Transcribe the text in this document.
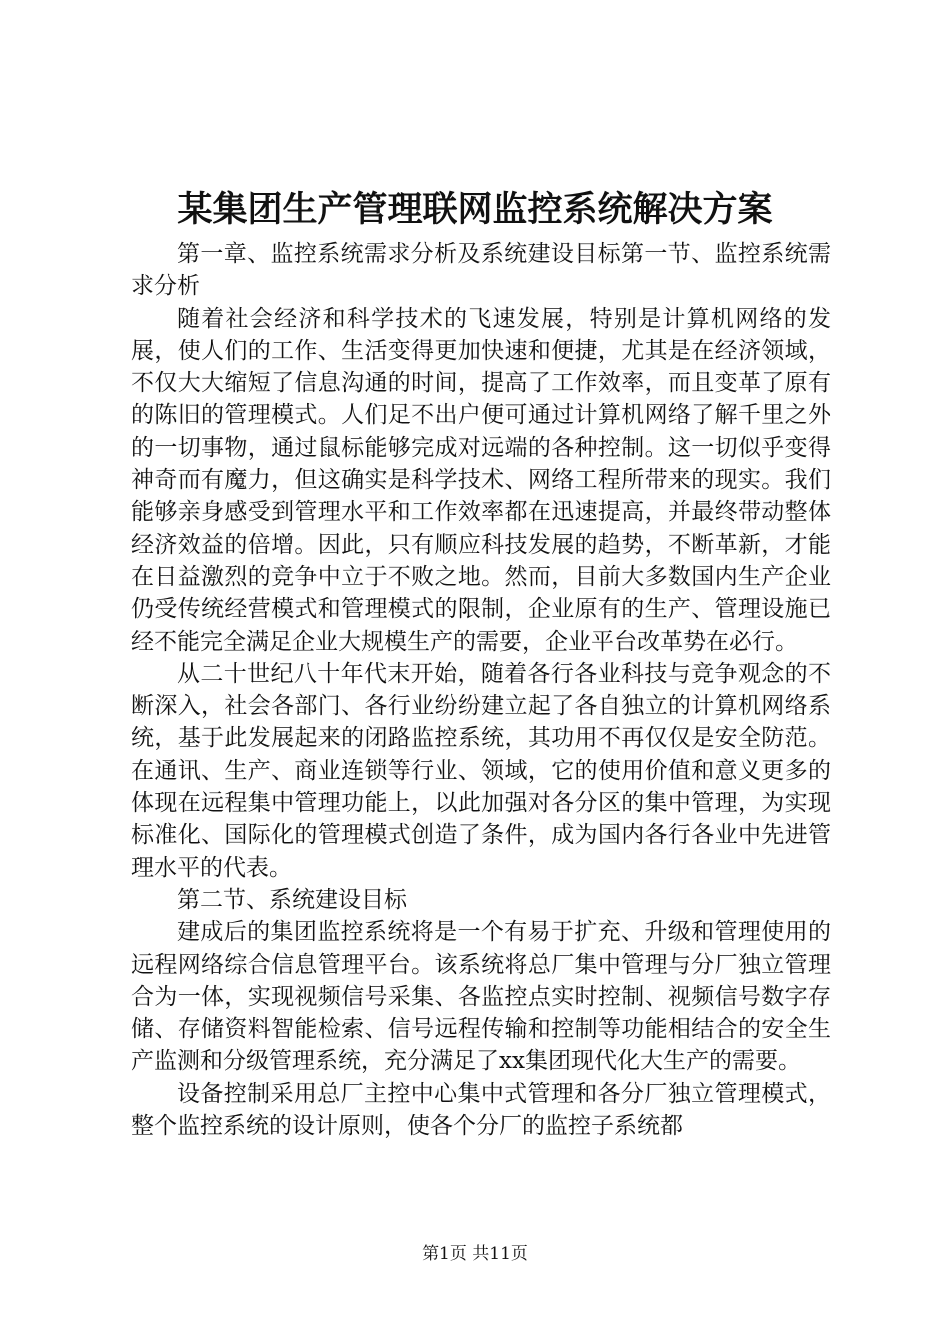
某集团生产管理联网监控系统解决方案

第一章、监控系统需求分析及系统建设目标第一节、监控系统需求分析

随着社会经济和科学技术的飞速发展，特别是计算机网络的发展，使人们的工作、生活变得更加快速和便捷，尤其是在经济领域，不仅大大缩短了信息沟通的时间，提高了工作效率，而且变革了原有的陈旧的管理模式。人们足不出户便可通过计算机网络了解千里之外的一切事物，通过鼠标能够完成对远端的各种控制。这一切似乎变得神奇而有魔力，但这确实是科学技术、网络工程所带来的现实。我们能够亲身感受到管理水平和工作效率都在迅速提高，并最终带动整体经济效益的倍增。因此，只有顺应科技发展的趋势，不断革新，才能在日益激烈的竞争中立于不败之地。然而，目前大多数国内生产企业仍受传统经营模式和管理模式的限制，企业原有的生产、管理设施已经不能完全满足企业大规模生产的需要，企业平台改革势在必行。

从二十世纪八十年代末开始，随着各行各业科技与竞争观念的不断深入，社会各部门、各行业纷纷建立起了各自独立的计算机网络系统，基于此发展起来的闭路监控系统，其功用不再仅仅是安全防范。在通讯、生产、商业连锁等行业、领域，它的使用价值和意义更多的体现在远程集中管理功能上，以此加强对各分区的集中管理，为实现标准化、国际化的管理模式创造了条件，成为国内各行各业中先进管理水平的代表。

第二节、系统建设目标

建成后的集团监控系统将是一个有易于扩充、升级和管理使用的远程网络综合信息管理平台。该系统将总厂集中管理与分厂独立管理合为一体，实现视频信号采集、各监控点实时控制、视频信号数字存储、存储资料智能检索、信号远程传输和控制等功能相结合的安全生产监测和分级管理系统，充分满足了xx集团现代化大生产的需要。

设备控制采用总厂主控中心集中式管理和各分厂独立管理模式，整个监控系统的设计原则，使各个分厂的监控子系统都

第1页 共11页
